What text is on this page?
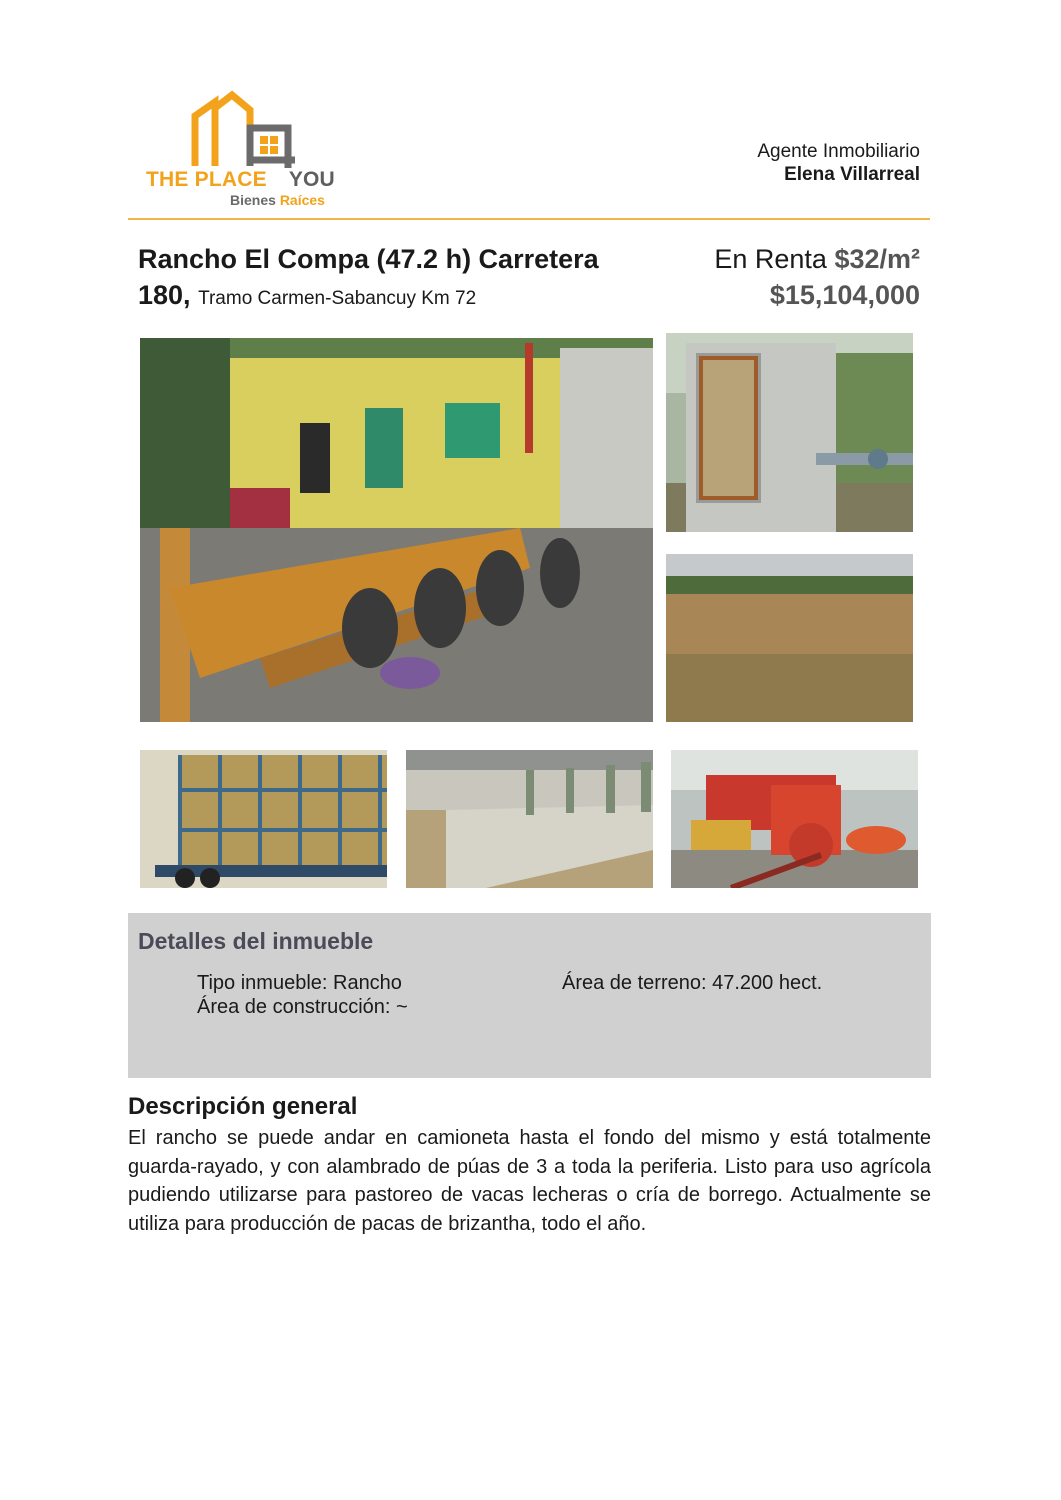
THE PLACE YOU
Bienes Raíces
Agente Inmobiliario
Elena Villarreal
Rancho El Compa (47.2 h) Carretera
180, Tramo Carmen-Sabancuy Km 72
En Renta $32/m²
$15,104,000
Detalles del inmueble
Tipo inmueble: Rancho
Área de construcción: ~
Área de terreno: 47.200 hect.
Descripción general
El rancho se puede andar en camioneta hasta el fondo del mismo y está totalmente guarda-rayado, y con alambrado de púas de 3 a toda la periferia. Listo para uso agrícola pudiendo utilizarse para pastoreo de vacas lecheras o cría de borrego. Actualmente se utiliza para producción de pacas de brizantha, todo el año.
